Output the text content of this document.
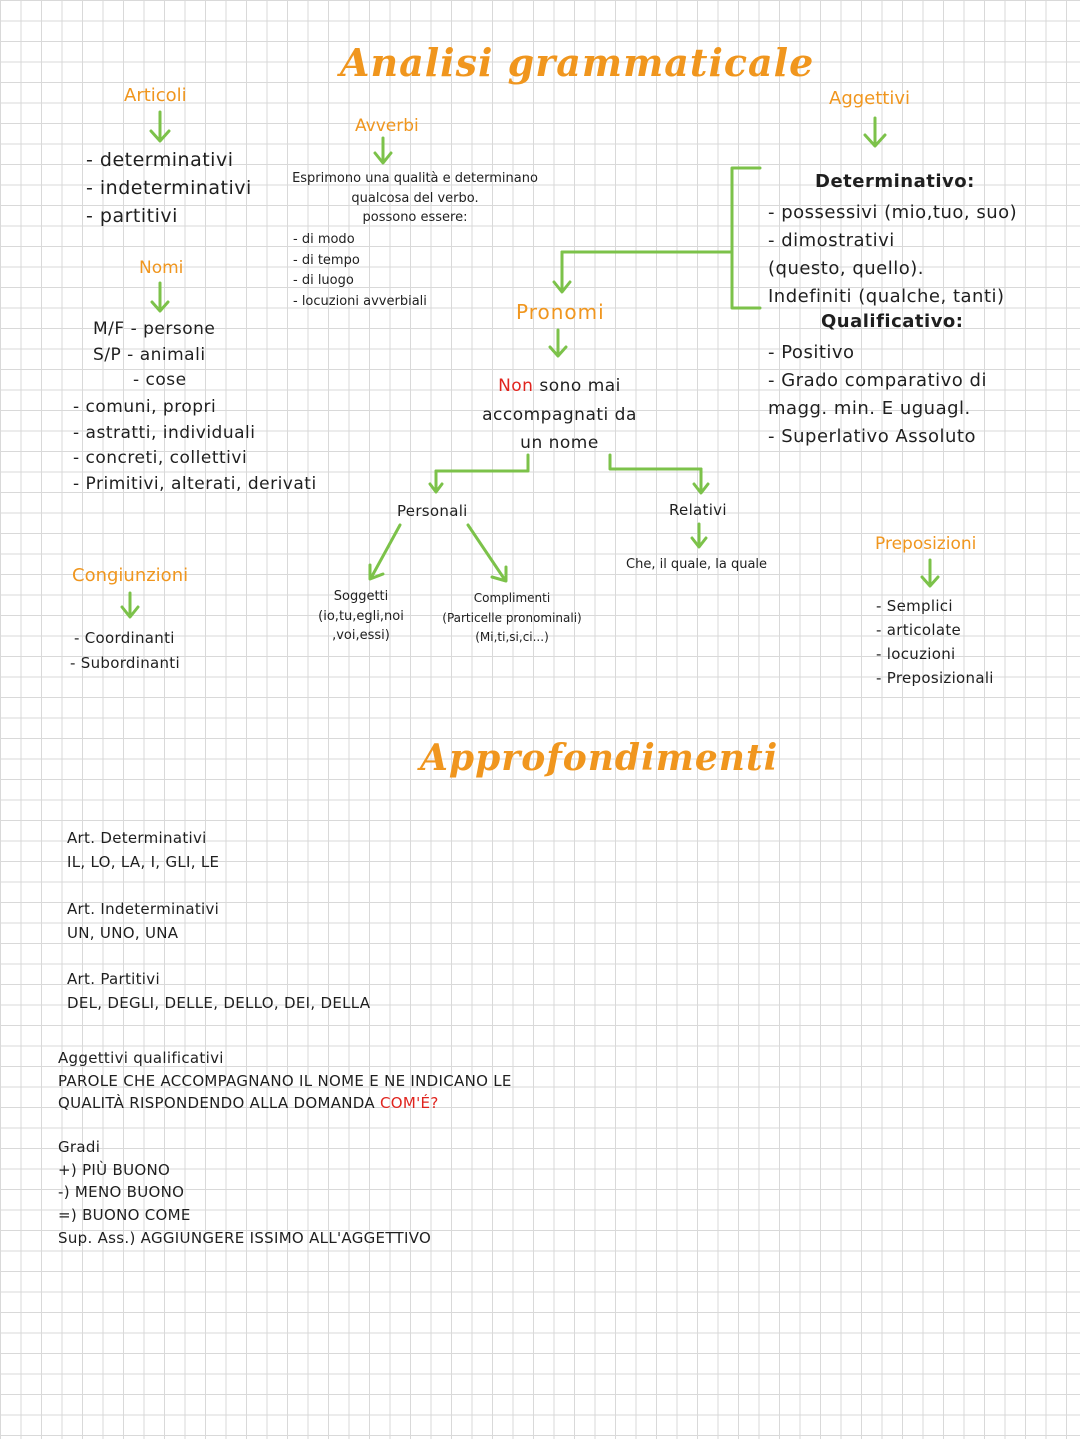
Analisi grammaticale
Articoli
- determinativi
- indeterminativi
- partitivi
Avverbi
Esprimono una qualità e determinano
qualcosa del verbo.
possono essere:
- di modo
- di tempo
- di luogo
- locuzioni avverbiali
Nomi
M/F - persone
S/P - animali
- cose
- comuni, propri
- astratti, individuali
- concreti, collettivi
- Primitivi, alterati, derivati
Pronomi
Non sono mai
accompagnati da
un nome
Personali
Soggetti
(io,tu,egli,noi
,voi,essi)
Complimenti
(Particelle pronominali)
(Mi,ti,si,ci...)
Relativi
Che, il quale, la quale
Aggettivi
Determinativo:
- possessivi (mio,tuo, suo)
- dimostrativi
(questo, quello).
Indefiniti (qualche, tanti)
Qualificativo:
- Positivo
- Grado comparativo di
magg. min. E uguagl.
- Superlativo Assoluto
Congiunzioni
- Coordinanti
- Subordinanti
Preposizioni
- Semplici
- articolate
- locuzioni
- Preposizionali
Approfondimenti
Art. Determinativi
IL, LO, LA, I, GLI, LE
Art. Indeterminativi
UN, UNO, UNA
Art. Partitivi
DEL, DEGLI, DELLE, DELLO, DEI, DELLA
Aggettivi qualificativi
PAROLE CHE ACCOMPAGNANO IL NOME E NE INDICANO LE
QUALITÀ RISPONDENDO ALLA DOMANDA COM'É?
Gradi
+) PIÙ BUONO
-) MENO BUONO
=) BUONO COME
Sup. Ass.) AGGIUNGERE ISSIMO ALL'AGGETTIVO
